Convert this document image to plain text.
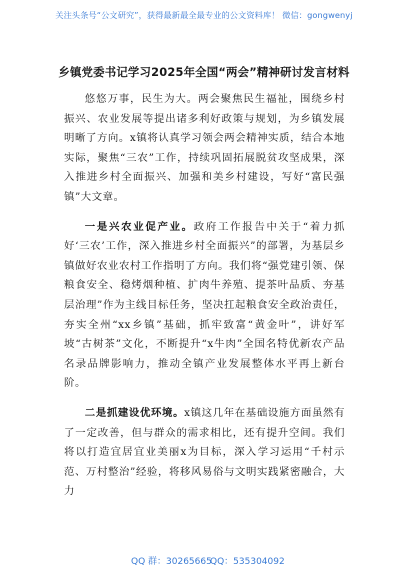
关注头条号“公文研究”，获得最新最全最专业的公文资料库！ 微信：gongwenyj
乡镇党委书记学习2025年全国“两会”精神研讨发言材料

悠悠万事，民生为大。两会聚焦民生福祉，围绕乡村振兴、农业发展等提出诸多利好政策与规划，为乡镇发展明晰了方向。x镇将认真学习领会两会精神实质，结合本地实际，聚焦“三农”工作，持续巩固拓展脱贫攻坚成果，深入推进乡村全面振兴、加强和美乡村建设，写好“富民强镇”大文章。

一是兴农业促产业。政府工作报告中关于“着力抓好‘三农’工作，深入推进乡村全面振兴”的部署，为基层乡镇做好农业农村工作指明了方向。我们将“强党建引领、保粮食安全、稳烤烟种植、扩肉牛养殖、提茶叶品质、夯基层治理”作为主线目标任务，坚决扛起粮食安全政治责任，夯实全州“xx乡镇”基础，抓牢致富“黄金叶”，讲好军坡“古树茶”文化，不断提升“x牛肉”全国名特优新农产品名录品牌影响力，推动全镇产业发展整体水平再上新台阶。

二是抓建设优环境。x镇这几年在基础设施方面虽然有了一定改善，但与群众的需求相比，还有提升空间。我们将以打造宜居宜业美丽x为目标，深入学习运用“千村示范、万村整治”经验，将移风易俗与文明实践紧密融合，大力

QQ 群：30265665
QQ：535304092
